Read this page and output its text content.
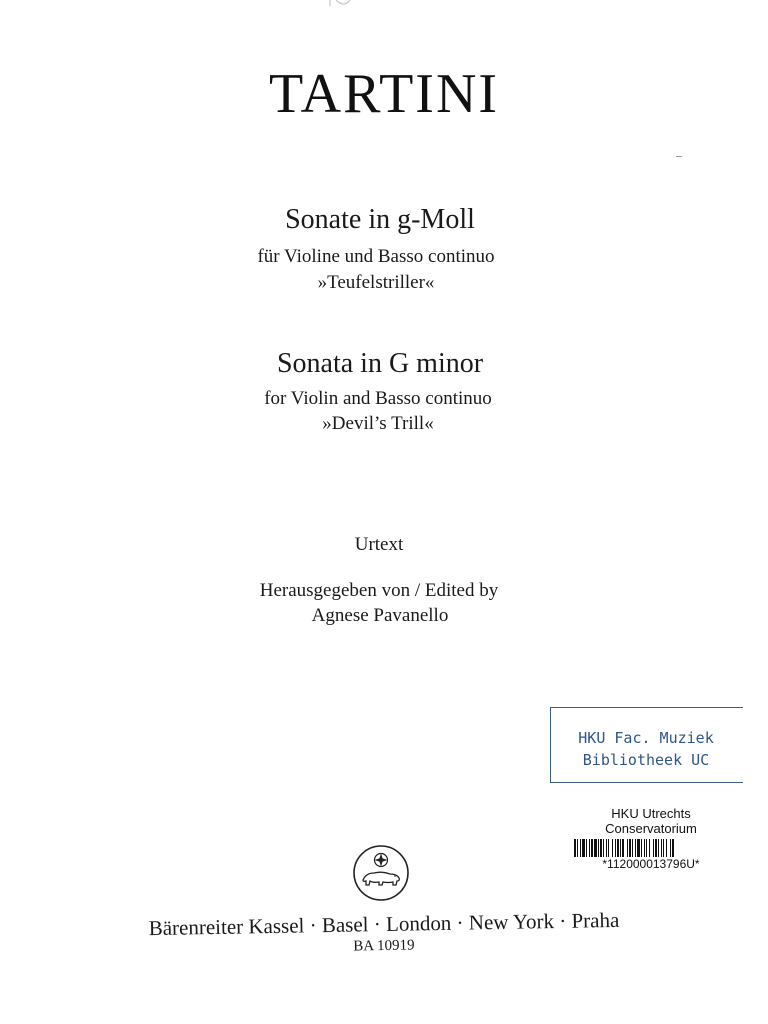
TARTINI
Sonate in g-Moll
für Violine und Basso continuo
»Teufelstriller«
Sonata in G minor
for Violin and Basso continuo
»Devil’s Trill«
Urtext
Herausgegeben von / Edited by
Agnese Pavanello
HKU Fac. Muziek
Bibliotheek UC
HKU Utrechts
Conservatorium
*112000013796U*
Bärenreiter Kassel · Basel · London · New York · Praha
BA 10919
